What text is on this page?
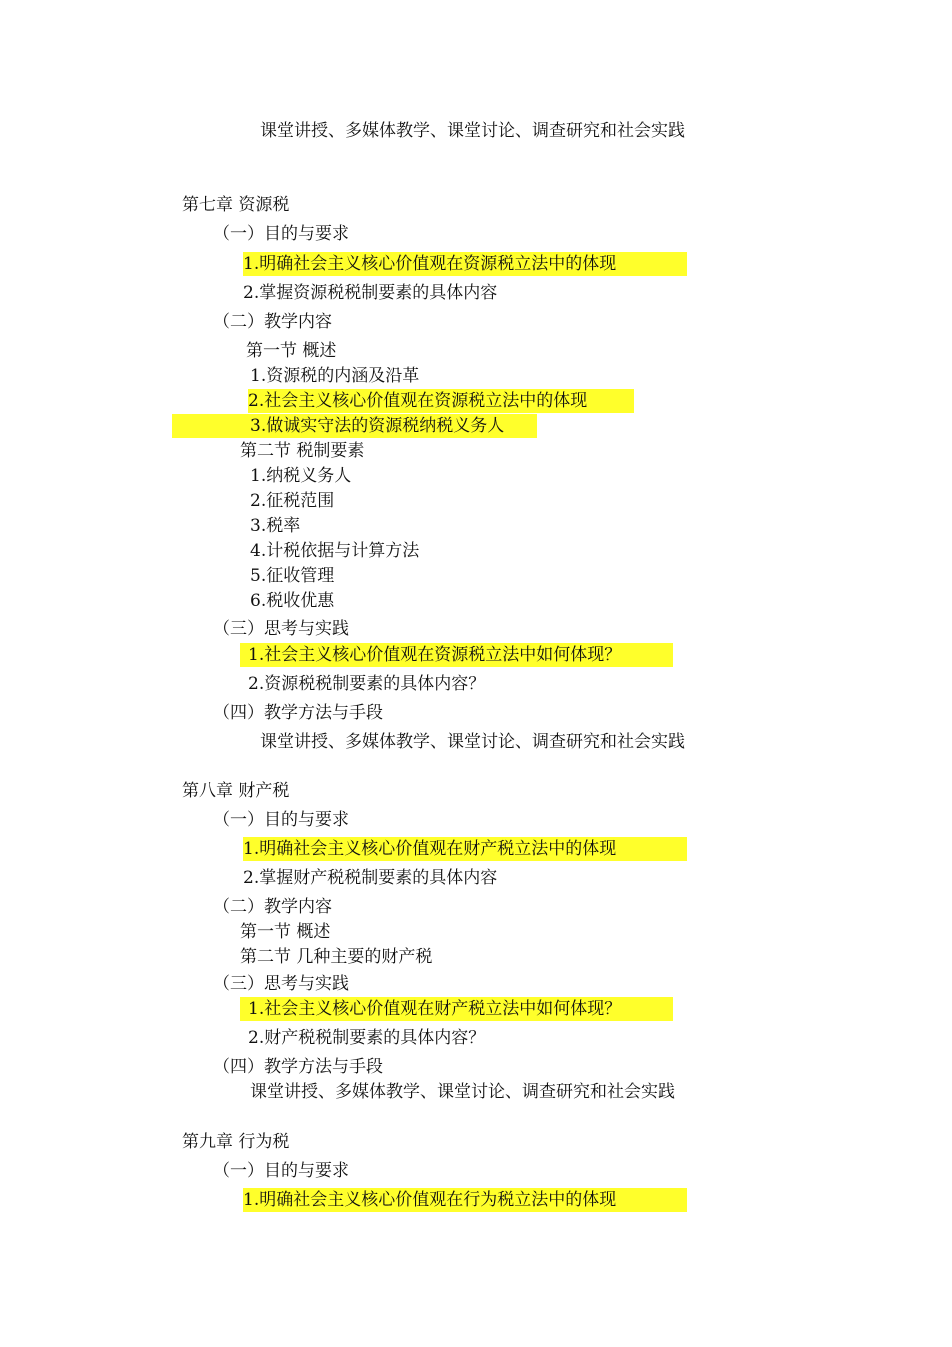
课堂讲授、多媒体教学、课堂讨论、调查研究和社会实践
第七章 资源税
（一）目的与要求
1.明确社会主义核心价值观在资源税立法中的体现
2.掌握资源税税制要素的具体内容
（二）教学内容
第一节 概述
1.资源税的内涵及沿革
2.社会主义核心价值观在资源税立法中的体现
3.做诚实守法的资源税纳税义务人
第二节 税制要素
1.纳税义务人
2.征税范围
3.税率
4.计税依据与计算方法
5.征收管理
6.税收优惠
（三）思考与实践
1.社会主义核心价值观在资源税立法中如何体现？
2.资源税税制要素的具体内容？
（四）教学方法与手段
课堂讲授、多媒体教学、课堂讨论、调查研究和社会实践
第八章 财产税
（一）目的与要求
1.明确社会主义核心价值观在财产税立法中的体现
2.掌握财产税税制要素的具体内容
（二）教学内容
第一节 概述
第二节 几种主要的财产税
（三）思考与实践
1.社会主义核心价值观在财产税立法中如何体现？
2.财产税税制要素的具体内容？
（四）教学方法与手段
课堂讲授、多媒体教学、课堂讨论、调查研究和社会实践
第九章 行为税
（一）目的与要求
1.明确社会主义核心价值观在行为税立法中的体现
